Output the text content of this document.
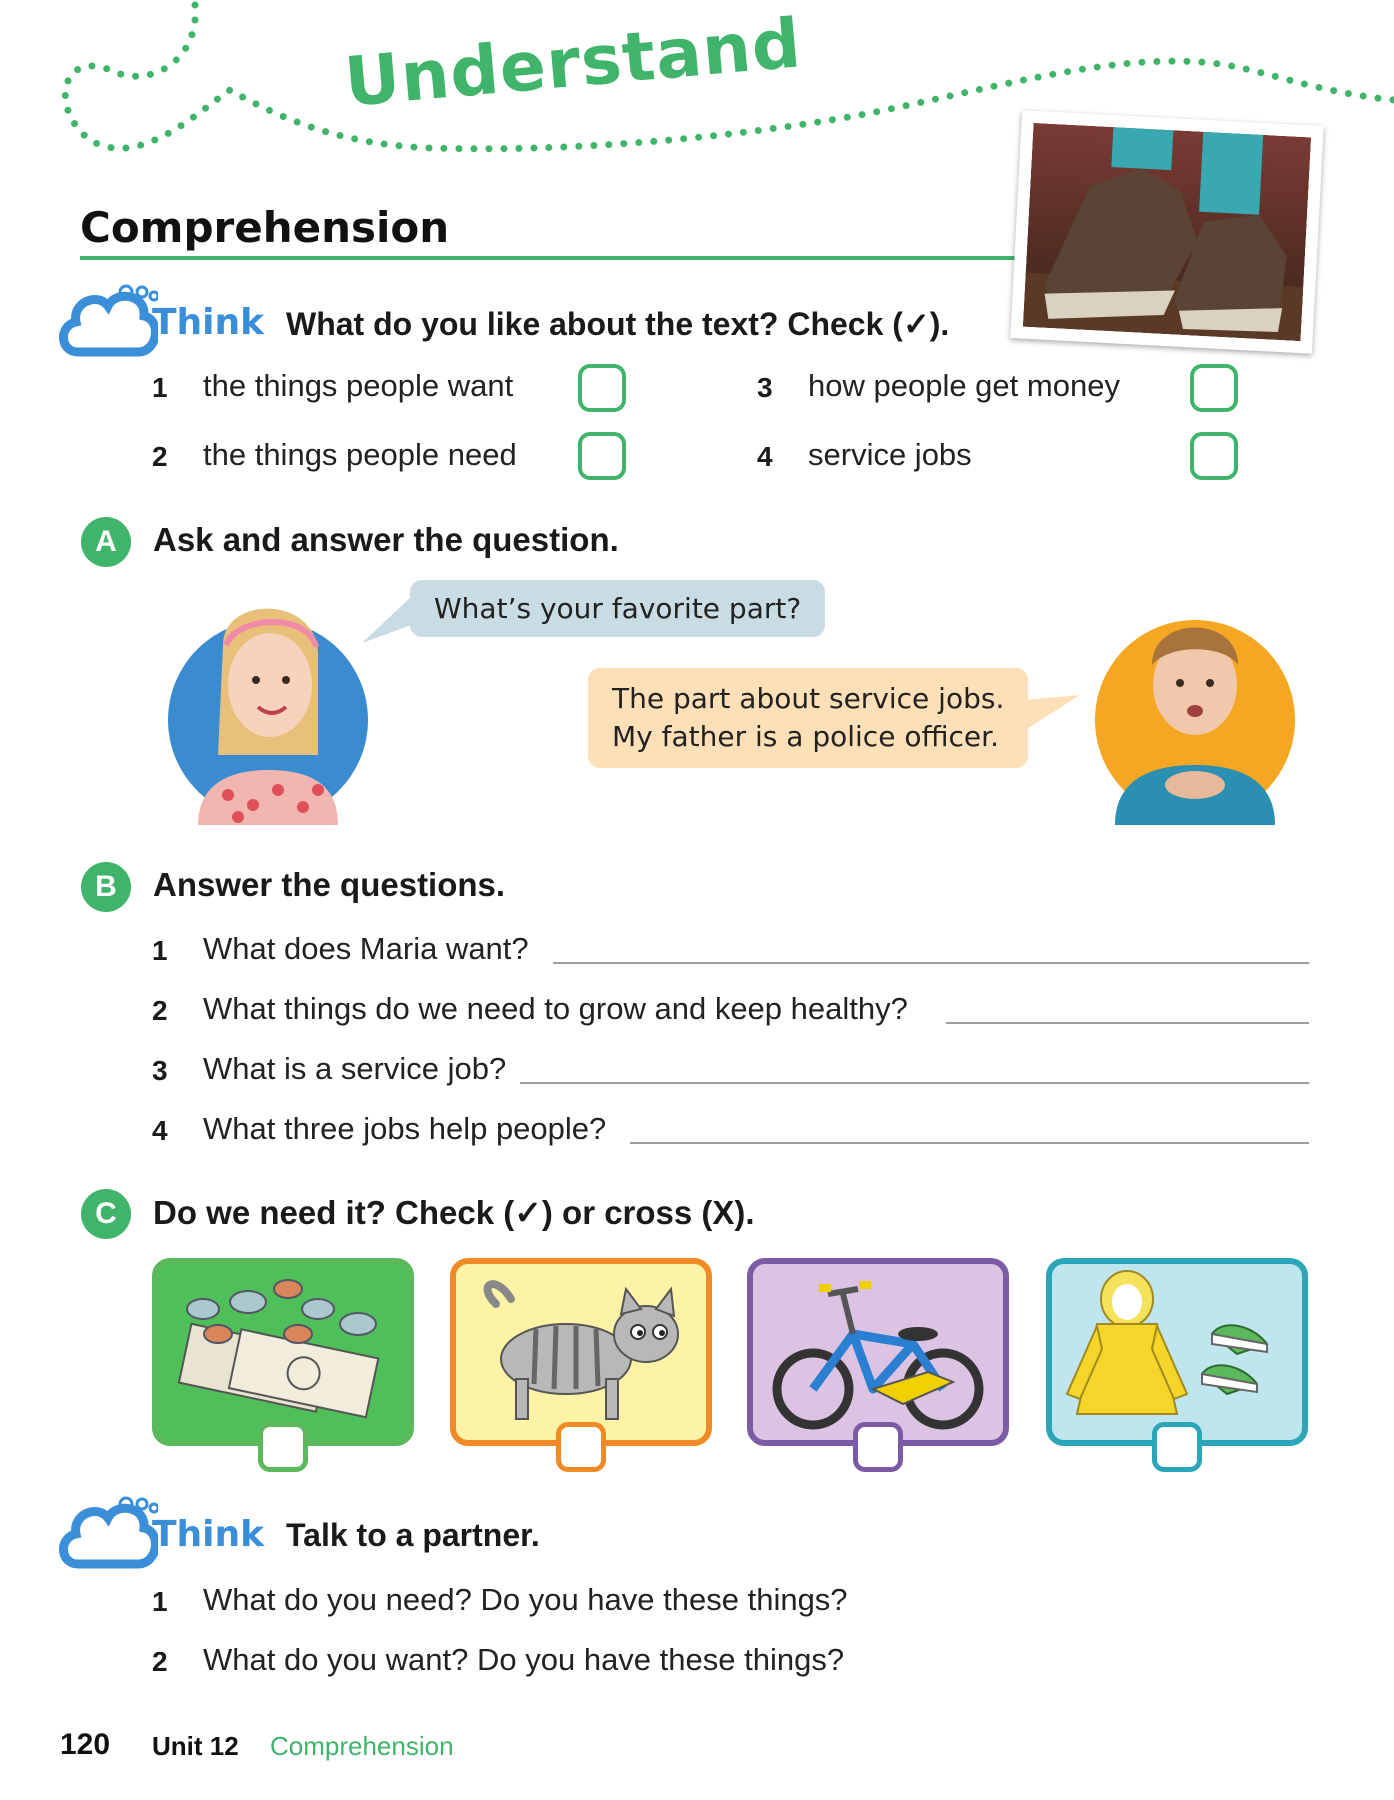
Understand
Comprehension
Think What do you like about the text? Check (✓).
1 the things people want
2 the things people need
3 how people get money
4 service jobs
A	Ask and answer the question.
What’s your favorite part?
The part about service jobs.
My father is a police officer.
B	Answer the questions.
1 What does Maria want?
2 What things do we need to grow and keep healthy?
3 What is a service job?
4 What three jobs help people?
C	Do we need it? Check (✓) or cross (X).
Think Talk to a partner.
1 What do you need? Do you have these things?
2 What do you want? Do you have these things?
120 Unit 12 Comprehension
